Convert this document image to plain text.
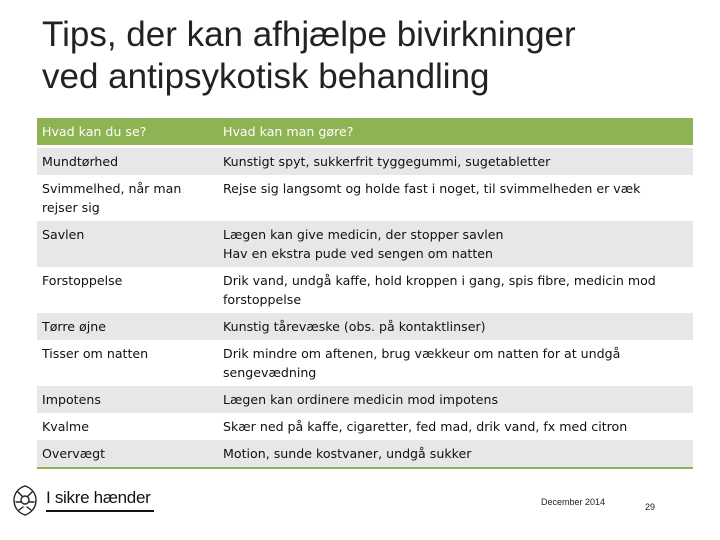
Tips, der kan afhjælpe bivirkninger
ved antipsykotisk behandling
Hvad kan du se?	Hvad kan man gøre?
Mundtørhed	Kunstigt spyt, sukkerfrit tyggegummi, sugetabletter

Svimmelhed, når man rejser sig	Rejse sig langsomt og holde fast i noget, til svimmelheden er væk

Savlen	Lægen kan give medicin, der stopper savlen
Hav en ekstra pude ved sengen om natten

Forstoppelse	Drik vand, undgå kaffe, hold kroppen i gang, spis fibre, medicin mod forstoppelse

Tørre øjne	Kunstig tårevæske (obs. på kontaktlinser)

Tisser om natten	Drik mindre om aftenen, brug vækkeur om natten for at undgå sengevædning

Impotens	Lægen kan ordinere medicin mod impotens

Kvalme	Skær ned på kaffe, cigaretter, fed mad, drik vand, fx med citron

Overvægt	Motion, sunde kostvaner, undgå sukker
I sikre hænder	December 2014	29
